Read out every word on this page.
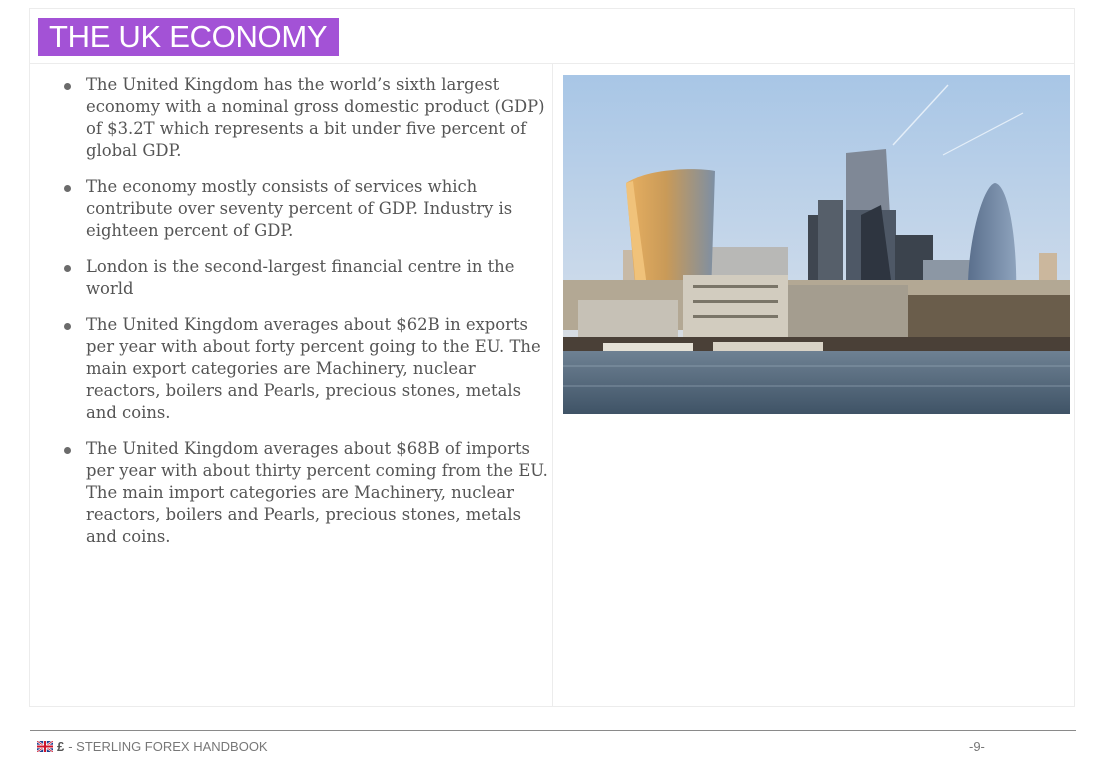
THE UK ECONOMY
The United Kingdom has the world’s sixth largest economy with a nominal gross domestic product (GDP) of $3.2T which represents a bit under five percent of global GDP.
The economy mostly consists of services which contribute over seventy percent of GDP. Industry is eighteen percent of GDP.
London is the second-largest financial centre in the world
The United Kingdom averages about $62B in exports per year with about forty percent going to the EU. The main export categories are Machinery, nuclear reactors, boilers and Pearls, precious stones, metals and coins.
The United Kingdom averages about $68B of imports per year with about thirty percent coming from the EU. The main import categories are Machinery, nuclear reactors, boilers and Pearls, precious stones, metals and coins.
£ - STERLING FOREX HANDBOOK	-9-
